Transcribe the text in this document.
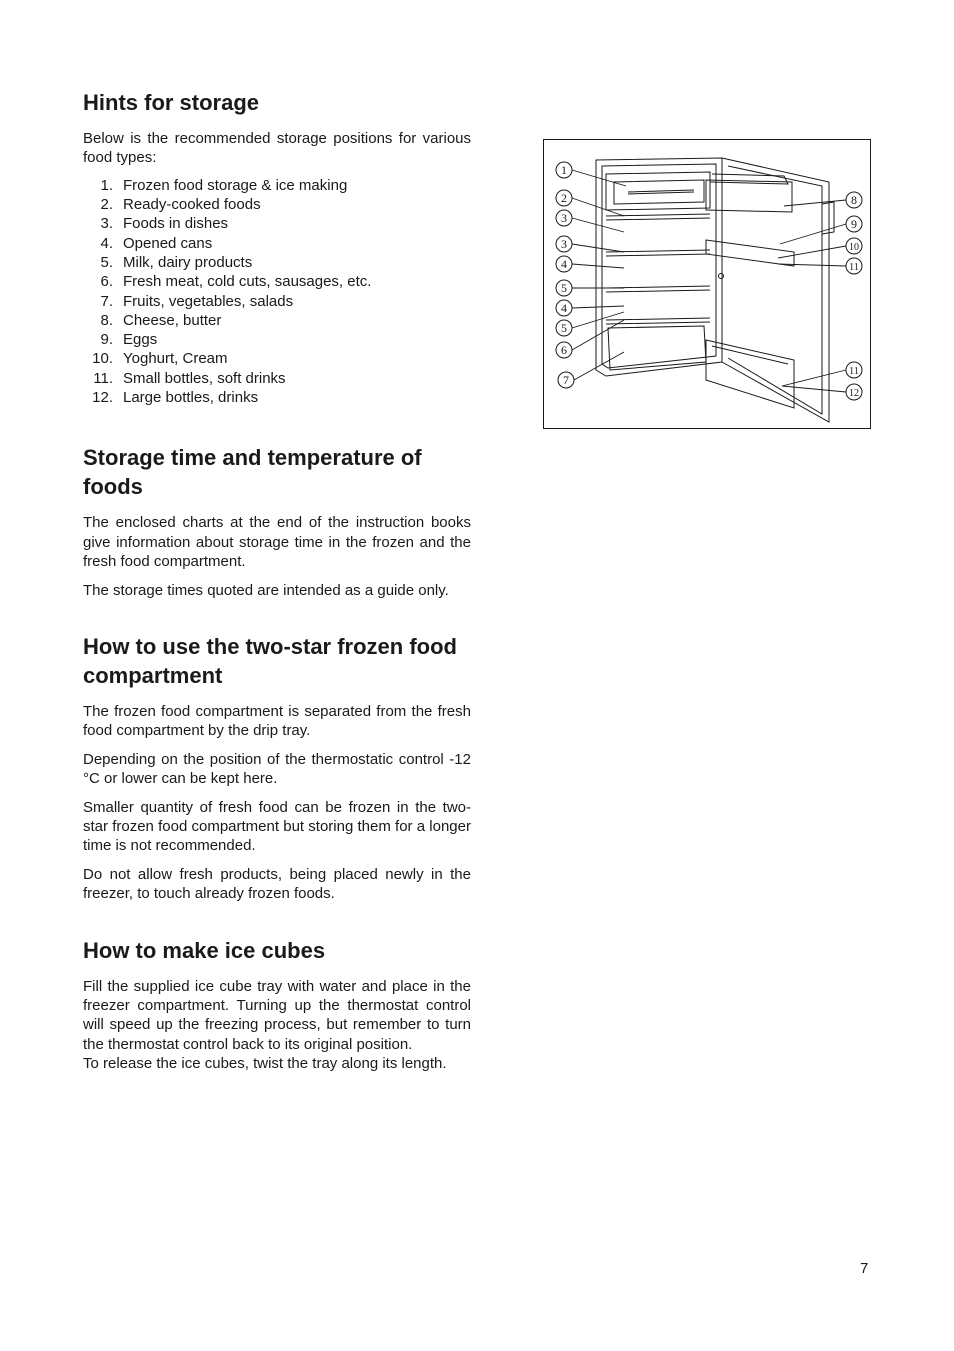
Hints for storage

Below is the recommended storage positions for various food types:

1. Frozen food storage & ice making
2. Ready-cooked foods
3. Foods in dishes
4. Opened cans
5. Milk, dairy products
6. Fresh meat, cold cuts, sausages, etc.
7. Fruits, vegetables, salads
8. Cheese, butter
9. Eggs
10. Yoghurt, Cream
11. Small bottles, soft drinks
12. Large bottles, drinks
Storage time and temperature of foods

The enclosed charts at the end of the instruction books give information about storage time in the frozen and the fresh food compartment.

The storage times quoted are intended as a guide only.

How to use the two-star frozen food compartment

The frozen food compartment is separated from the fresh food compartment by the drip tray.

Depending on the position of the thermostatic control -12 °C or lower can be kept here.

Smaller quantity of fresh food can be frozen in the two-star frozen food compartment but storing them for a longer time is not recommended.

Do not allow fresh products, being placed newly in the freezer, to touch already frozen foods.

How to make ice cubes

Fill the supplied ice cube tray with water and place in the freezer compartment. Turning up the thermostat control will speed up the freezing process, but remember to turn the thermostat control back to its original position.

To release the ice cubes, twist the tray along its length.

1
2
3
3
4
5
4
5
6
7
8
9
10
11
11
12
7
